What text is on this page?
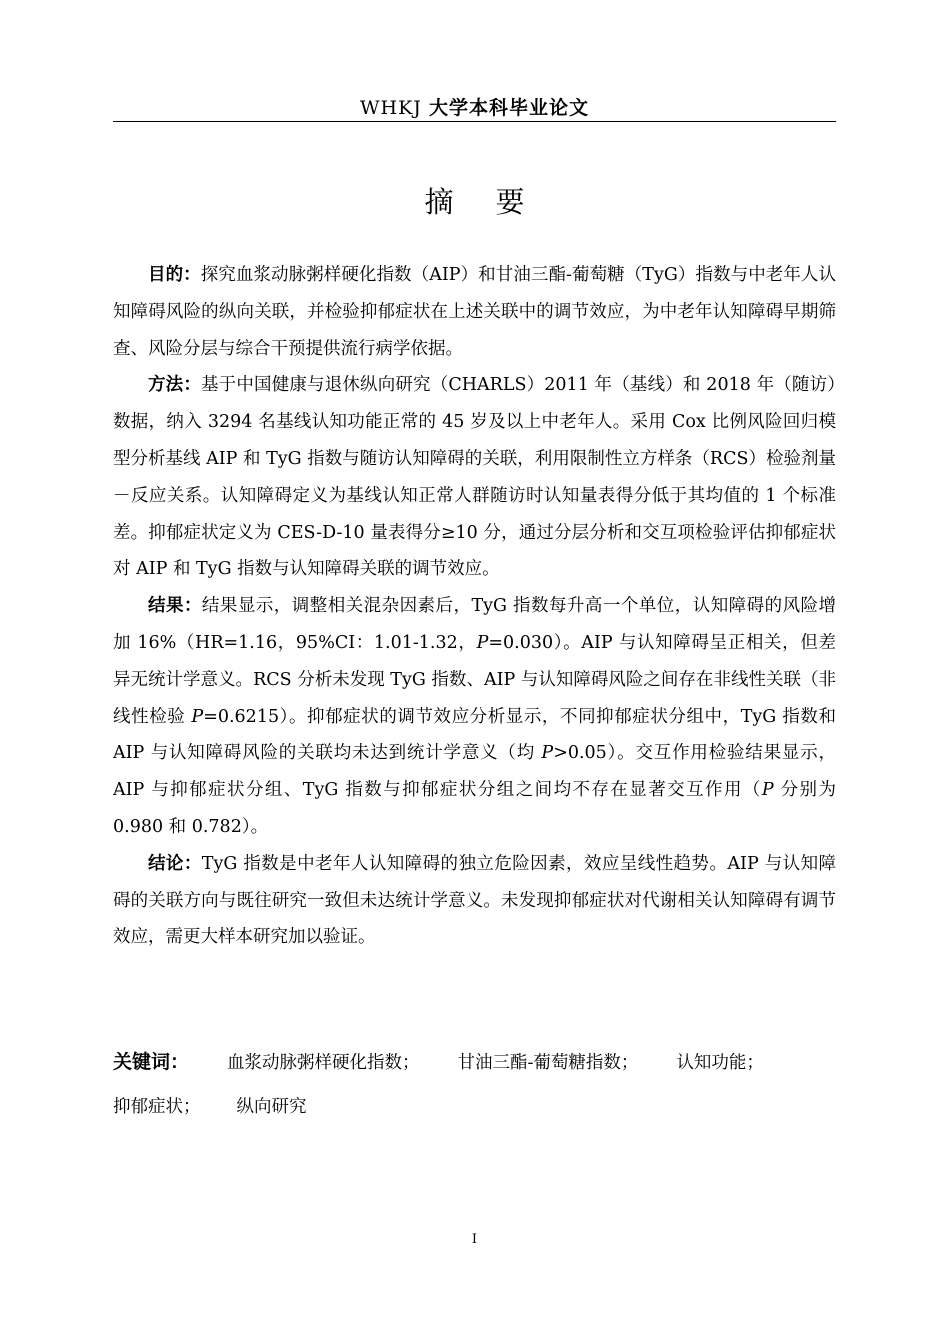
WHKJ 大学本科毕业论文
摘要

目的：探究血浆动脉粥样硬化指数（AIP）和甘油三酯-葡萄糖（TyG）指数与中老年人认知障碍风险的纵向关联，并检验抑郁症状在上述关联中的调节效应，为中老年认知障碍早期筛查、风险分层与综合干预提供流行病学依据。

方法：基于中国健康与退休纵向研究（CHARLS）2011 年（基线）和 2018 年（随访）数据，纳入 3294 名基线认知功能正常的 45 岁及以上中老年人。采用 Cox 比例风险回归模型分析基线 AIP 和 TyG 指数与随访认知障碍的关联，利用限制性立方样条（RCS）检验剂量－反应关系。认知障碍定义为基线认知正常人群随访时认知量表得分低于其均值的 1 个标准差。抑郁症状定义为 CES-D-10 量表得分≥10 分，通过分层分析和交互项检验评估抑郁症状对 AIP 和 TyG 指数与认知障碍关联的调节效应。

结果：结果显示，调整相关混杂因素后，TyG 指数每升高一个单位，认知障碍的风险增加 16%（HR=1.16，95%CI：1.01-1.32，P=0.030）。AIP 与认知障碍呈正相关，但差异无统计学意义。RCS 分析未发现 TyG 指数、AIP 与认知障碍风险之间存在非线性关联（非线性检验 P=0.6215）。抑郁症状的调节效应分析显示，不同抑郁症状分组中，TyG 指数和 AIP 与认知障碍风险的关联均未达到统计学意义（均 P>0.05）。交互作用检验结果显示，AIP 与抑郁症状分组、TyG 指数与抑郁症状分组之间均不存在显著交互作用（P 分别为 0.980 和 0.782）。

结论：TyG 指数是中老年人认知障碍的独立危险因素，效应呈线性趋势。AIP 与认知障碍的关联方向与既往研究一致但未达统计学意义。未发现抑郁症状对代谢相关认知障碍有调节效应，需更大样本研究加以验证。

关键词： 血浆动脉粥样硬化指数； 甘油三酯-葡萄糖指数； 认知功能；
抑郁症状； 纵向研究
I
